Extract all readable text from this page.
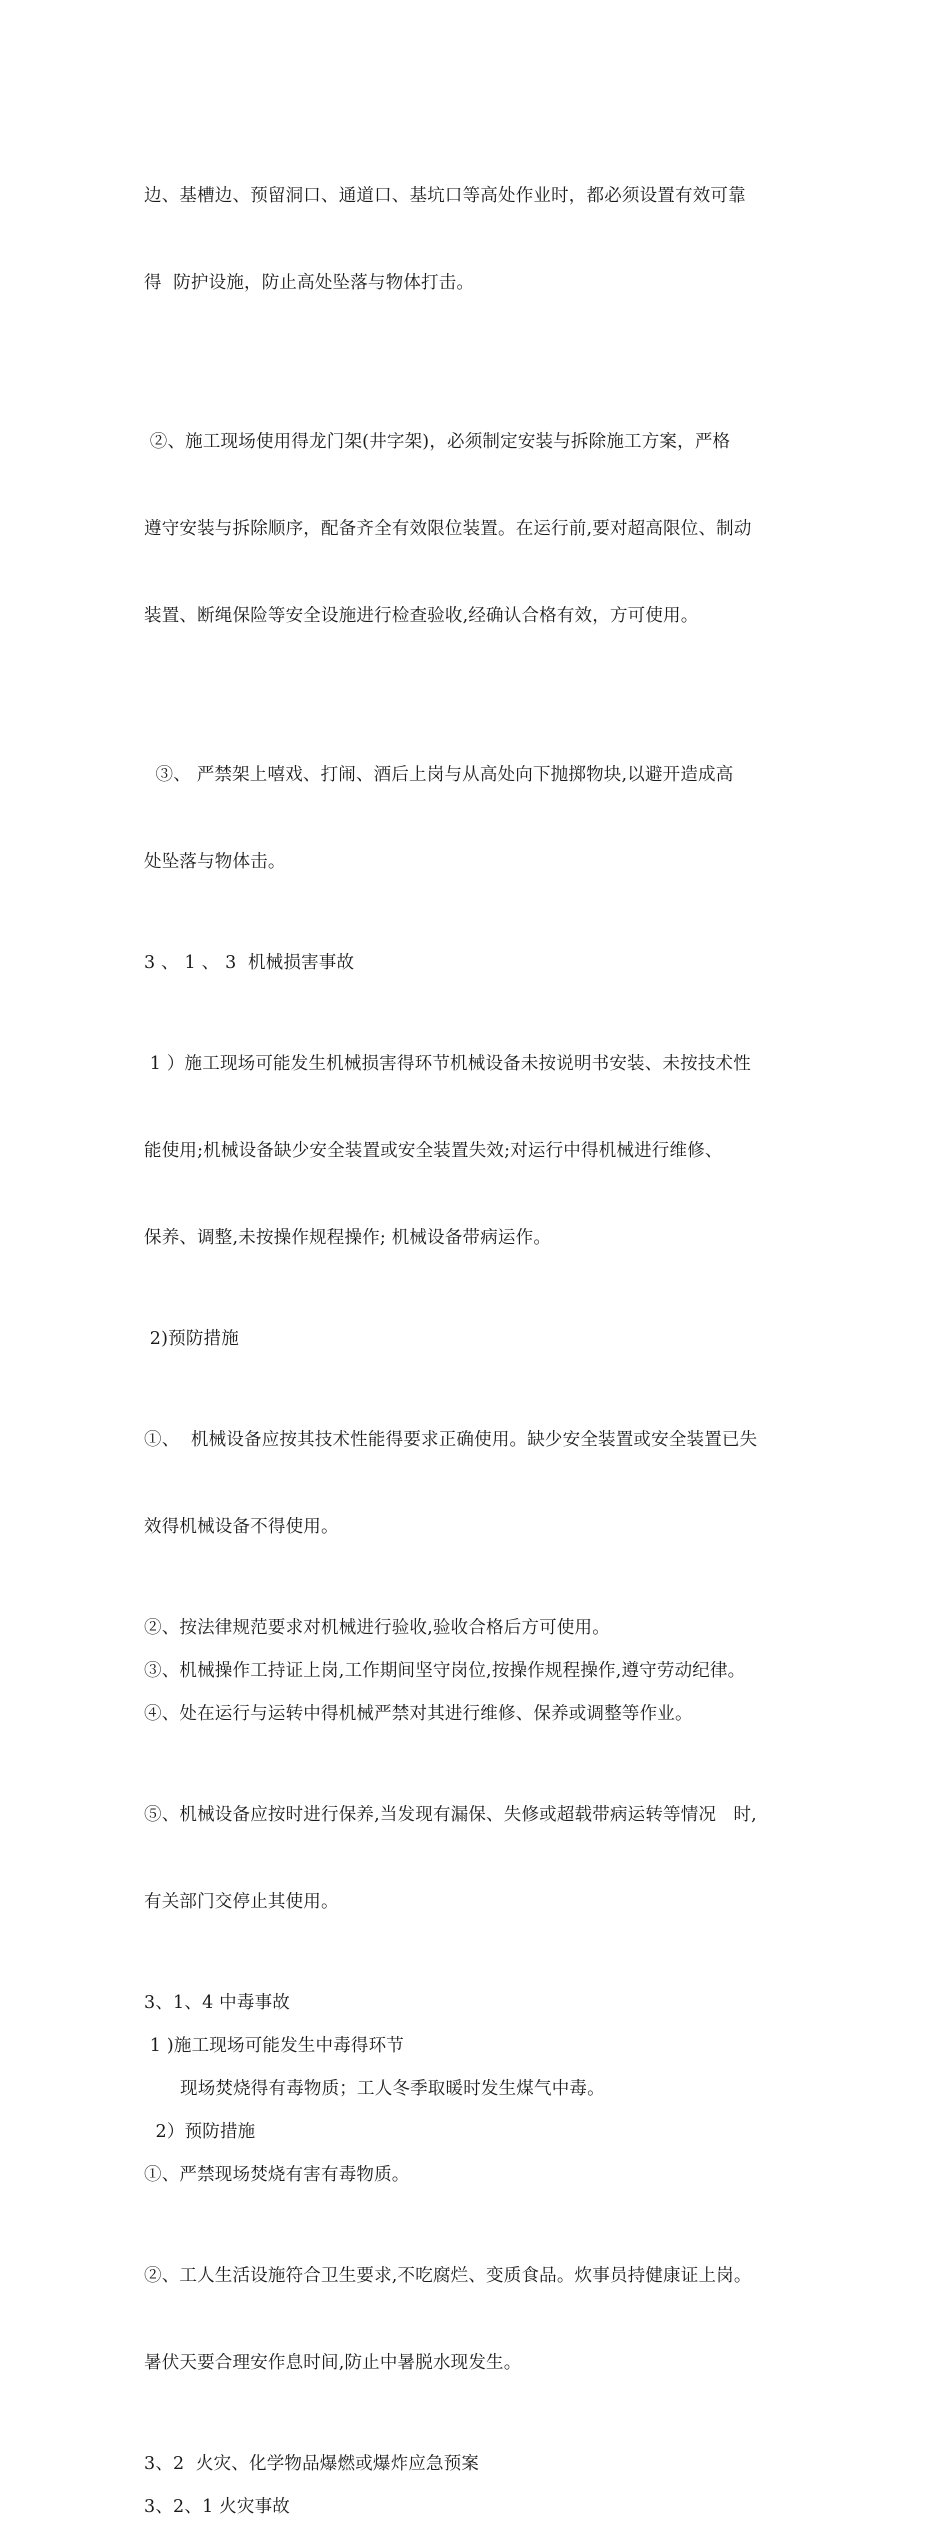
边、基槽边、预留洞口、通道口、基坑口等高处作业时，都必须设置有效可靠

得  防护设施，防止高处坠落与物体打击。

②、施工现场使用得龙门架(井字架)，必须制定安装与拆除施工方案，严格

遵守安装与拆除顺序，配备齐全有效限位装置。在运行前,要对超高限位、制动

装置、断绳保险等安全设施进行检查验收,经确认合格有效，方可使用。

③、 严禁架上嘻戏、打闹、酒后上岗与从高处向下抛掷物块,以避开造成高

处坠落与物体击。

3 、 1 、 3  机械损害事故

1 ）施工现场可能发生机械损害得环节机械设备未按说明书安装、未按技术性

能使用;机械设备缺少安全装置或安全装置失效;对运行中得机械进行维修、

保养、调整,未按操作规程操作; 机械设备带病运作。

2)预防措施

①、  机械设备应按其技术性能得要求正确使用。缺少安全装置或安全装置已失

效得机械设备不得使用。

②、按法律规范要求对机械进行验收,验收合格后方可使用。

③、机械操作工持证上岗,工作期间坚守岗位,按操作规程操作,遵守劳动纪律。

④、处在运行与运转中得机械严禁对其进行维修、保养或调整等作业。

⑤、机械设备应按时进行保养,当发现有漏保、失修或超载带病运转等情况   时,

有关部门交停止其使用。

3、1、4 中毒事故

1 )施工现场可能发生中毒得环节

现场焚烧得有毒物质；工人冬季取暖时发生煤气中毒。

2）预防措施

①、严禁现场焚烧有害有毒物质。

②、工人生活设施符合卫生要求,不吃腐烂、变质食品。炊事员持健康证上岗。

暑伏天要合理安作息时间,防止中暑脱水现发生。

3、2  火灾、化学物品爆燃或爆炸应急预案

3、2、1 火灾事故
